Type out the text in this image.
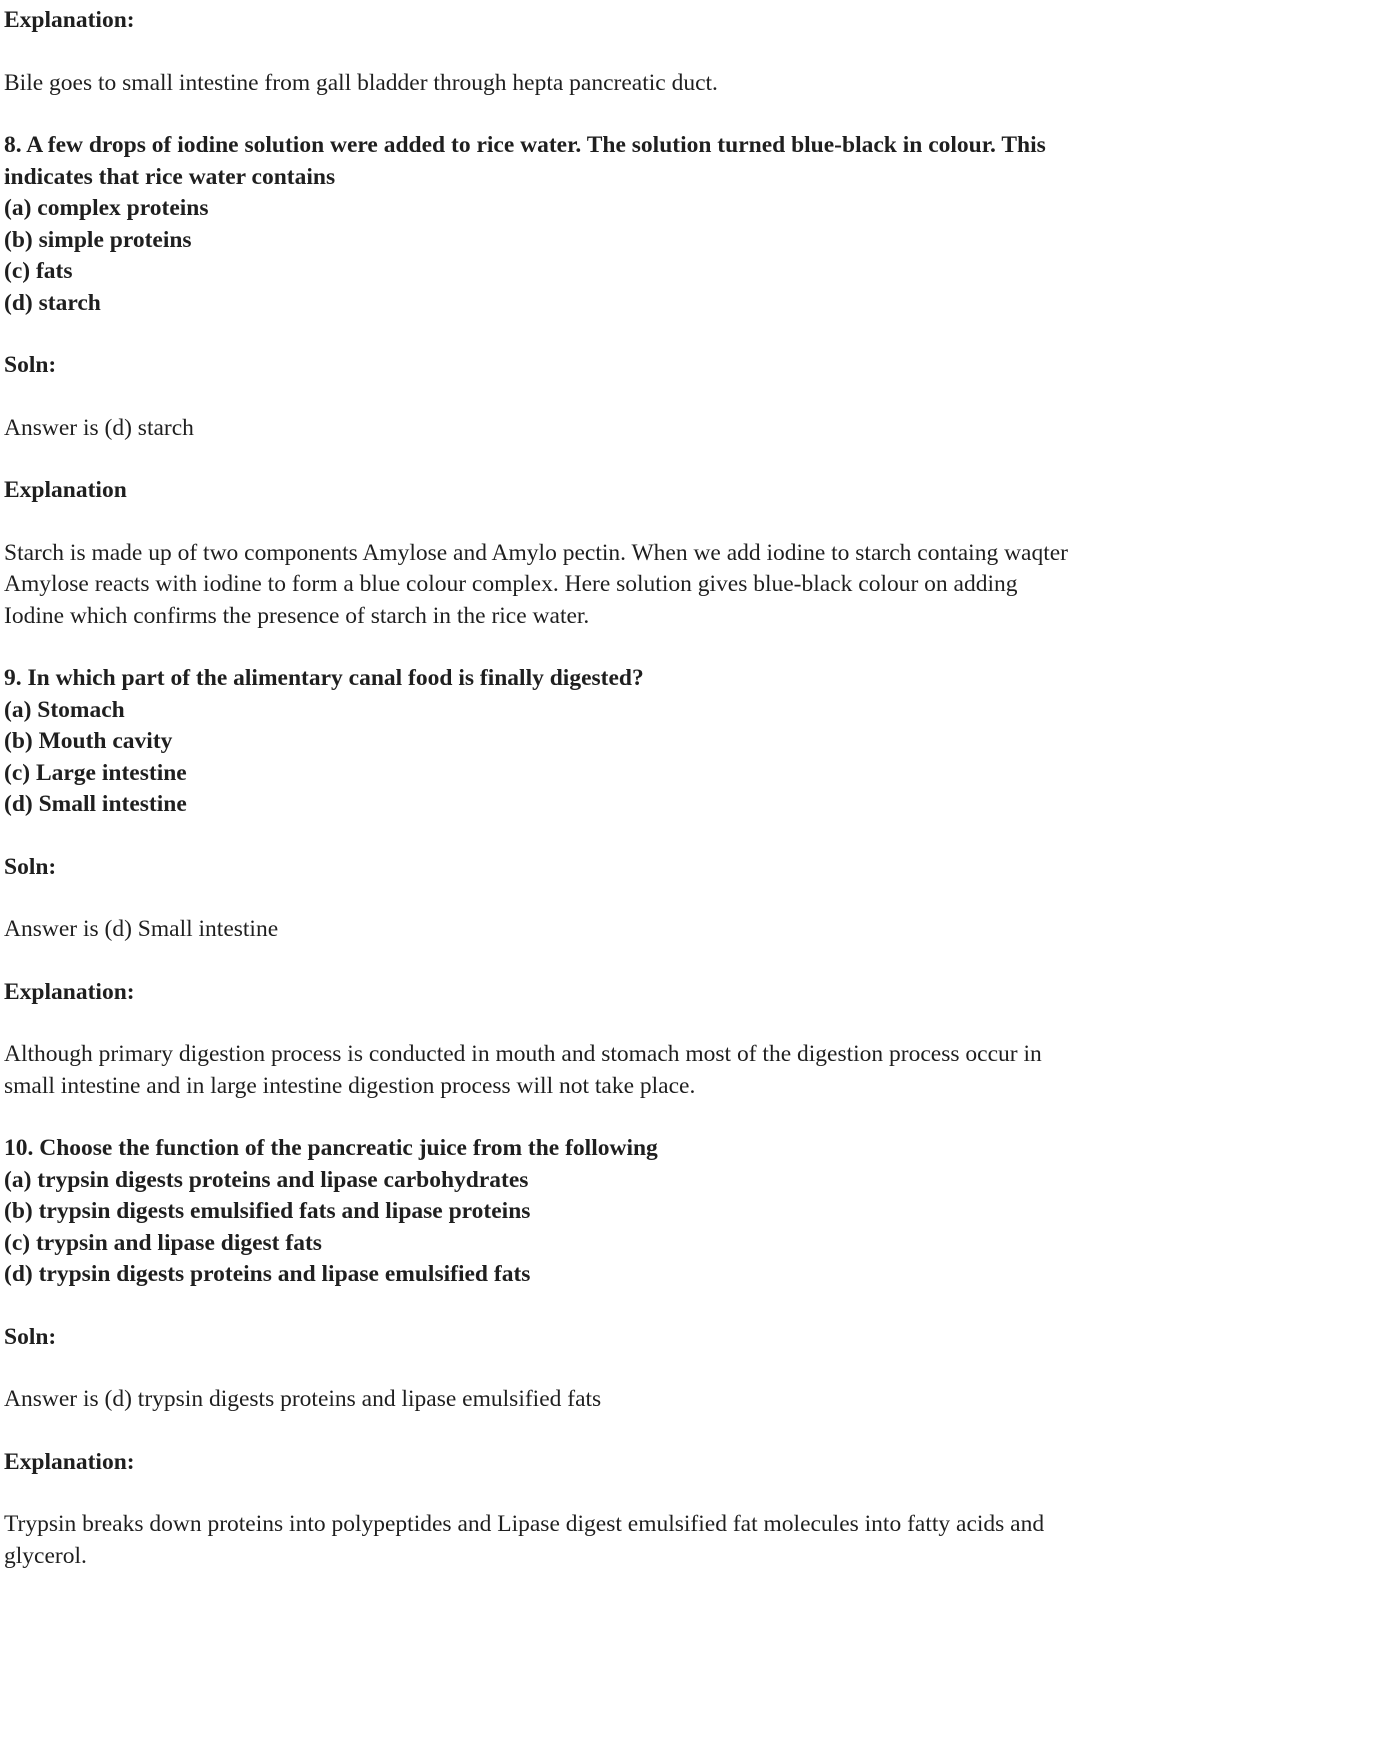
Explanation:

Bile goes to small intestine from gall bladder through hepta pancreatic duct.

8. A few drops of iodine solution were added to rice water. The solution turned blue-black in colour. This
indicates that rice water contains
(a) complex proteins
(b) simple proteins
(c) fats
(d) starch

Soln:

Answer is (d) starch

Explanation

Starch is made up of two components Amylose and Amylo pectin. When we add iodine to starch containg waqter
Amylose reacts with iodine to form a blue colour complex. Here solution gives blue-black colour on adding
Iodine which confirms the presence of starch in the rice water.

9. In which part of the alimentary canal food is finally digested?
(a) Stomach
(b) Mouth cavity
(c) Large intestine
(d) Small intestine

Soln:

Answer is (d) Small intestine

Explanation:

Although primary digestion process is conducted in mouth and stomach most of the digestion process occur in
small intestine and in large intestine digestion process will not take place.

10. Choose the function of the pancreatic juice from the following
(a) trypsin digests proteins and lipase carbohydrates
(b) trypsin digests emulsified fats and lipase proteins
(c) trypsin and lipase digest fats
(d) trypsin digests proteins and lipase emulsified fats

Soln:

Answer is (d) trypsin digests proteins and lipase emulsified fats

Explanation:

Trypsin breaks down proteins into polypeptides and Lipase digest emulsified fat molecules into fatty acids and
glycerol.
